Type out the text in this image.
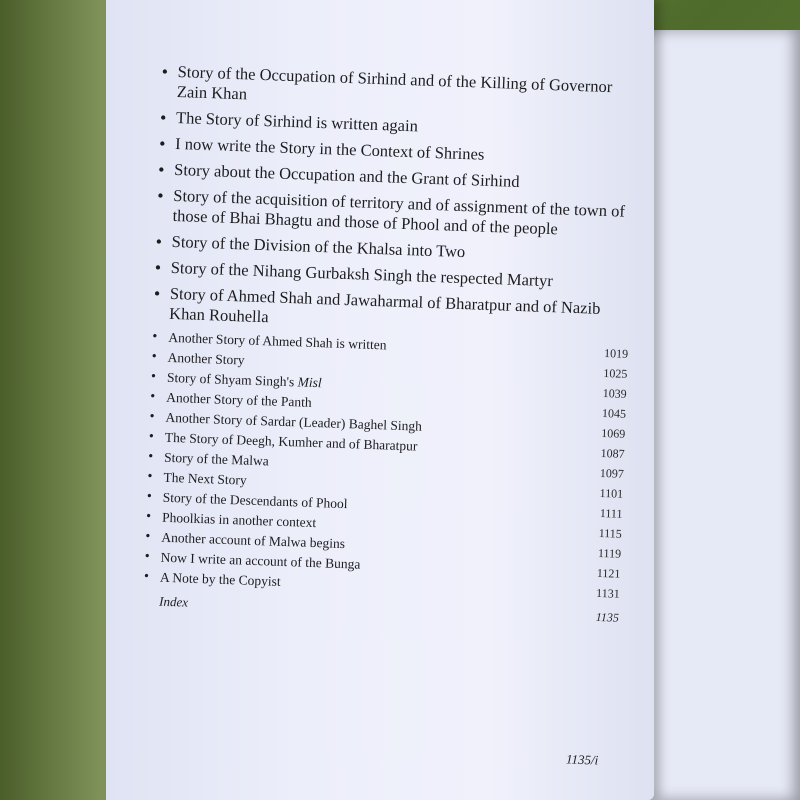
• Story of the Occupation of Sirhind and of the Killing of Governor Zain Khan
• The Story of Sirhind is written again
• I now write the Story in the Context of Shrines
• Story about the Occupation and the Grant of Sirhind
• Story of the acquisition of territory and of assignment of the town of those of Bhai Bhagtu and those of Phool and of the people
• Story of the Division of the Khalsa into Two
• Story of the Nihang Gurbaksh Singh the respected Martyr
• Story of Ahmed Shah and Jawaharmal of Bharatpur and of Nazib Khan Rouhella
• Another Story of Ahmed Shah is written
1019
• Another Story
1025
• Story of Shyam Singh's Misl
1039
• Another Story of the Panth
1045
• Another Story of Sardar (Leader) Baghel Singh	1069
• The Story of Deegh, Kumher and of Bharatpur	1087
• Story of the Malwa
1097
• The Next Story
1101
• Story of the Descendants of Phool
1111
• Phoolkias in another context
1115
• Another account of Malwa begins
1119
• Now I write an account of the Bunga
1121
• A Note by the Copyist
1131
Index
1135
1135/i
